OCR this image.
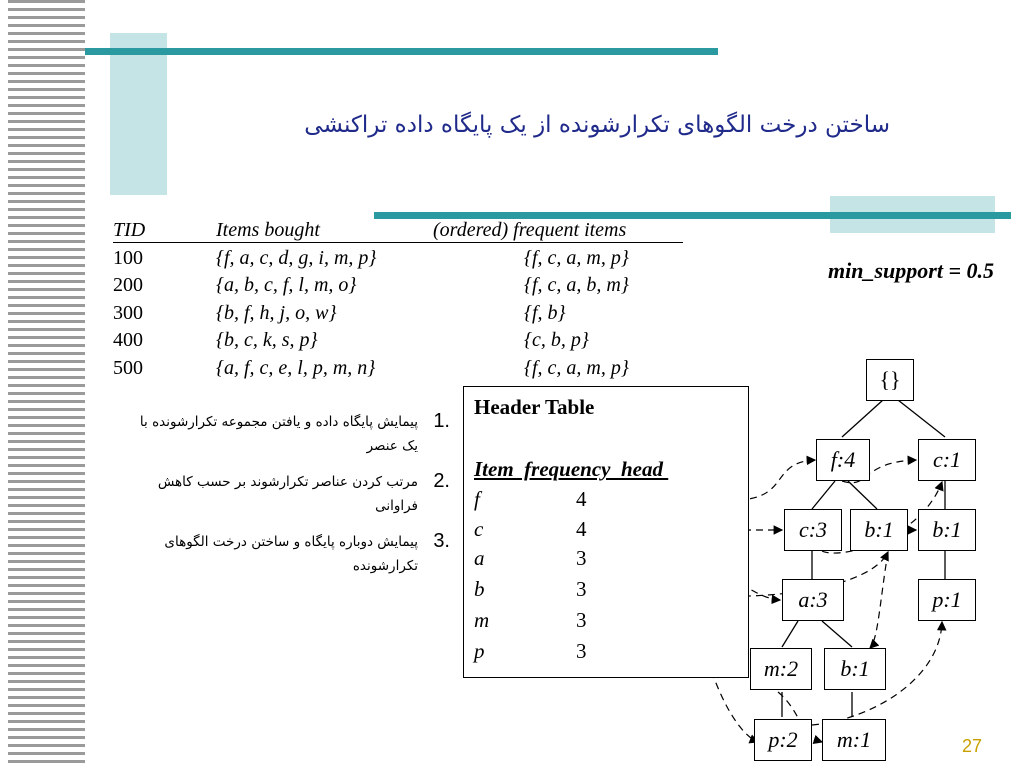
ساختن درخت الگوهای تکرارشونده از یک پایگاه داده تراکنشی
TID	Items bought	(ordered) frequent items
100	{f, a, c, d, g, i, m, p}	{f, c, a, m, p}
200	{a, b, c, f, l, m, o}	{f, c, a, b, m}
300	{b, f, h, j, o, w}	{f, b}
400	{b, c, k, s, p}	{c, b, p}
500	{a, f, c, e, l, p, m, n}	{f, c, a, m, p}
min_support = 0.5
1.
پیمایش پایگاه داده و یافتن مجموعه تکرارشونده با یک عنصر
2.
مرتب کردن عناصر تکرارشوند بر حسب کاهش فراوانی
3.
پیمایش دوباره پایگاه و ساختن درخت الگوهای تکرارشونده
Header Table
Item  frequency  head
f	4
c	4
a	3
b	3
m	3
p	3
{}
f:4	c:1
c:3	b:1	b:1
a:3	p:1
m:2	b:1
p:2	m:1	27
